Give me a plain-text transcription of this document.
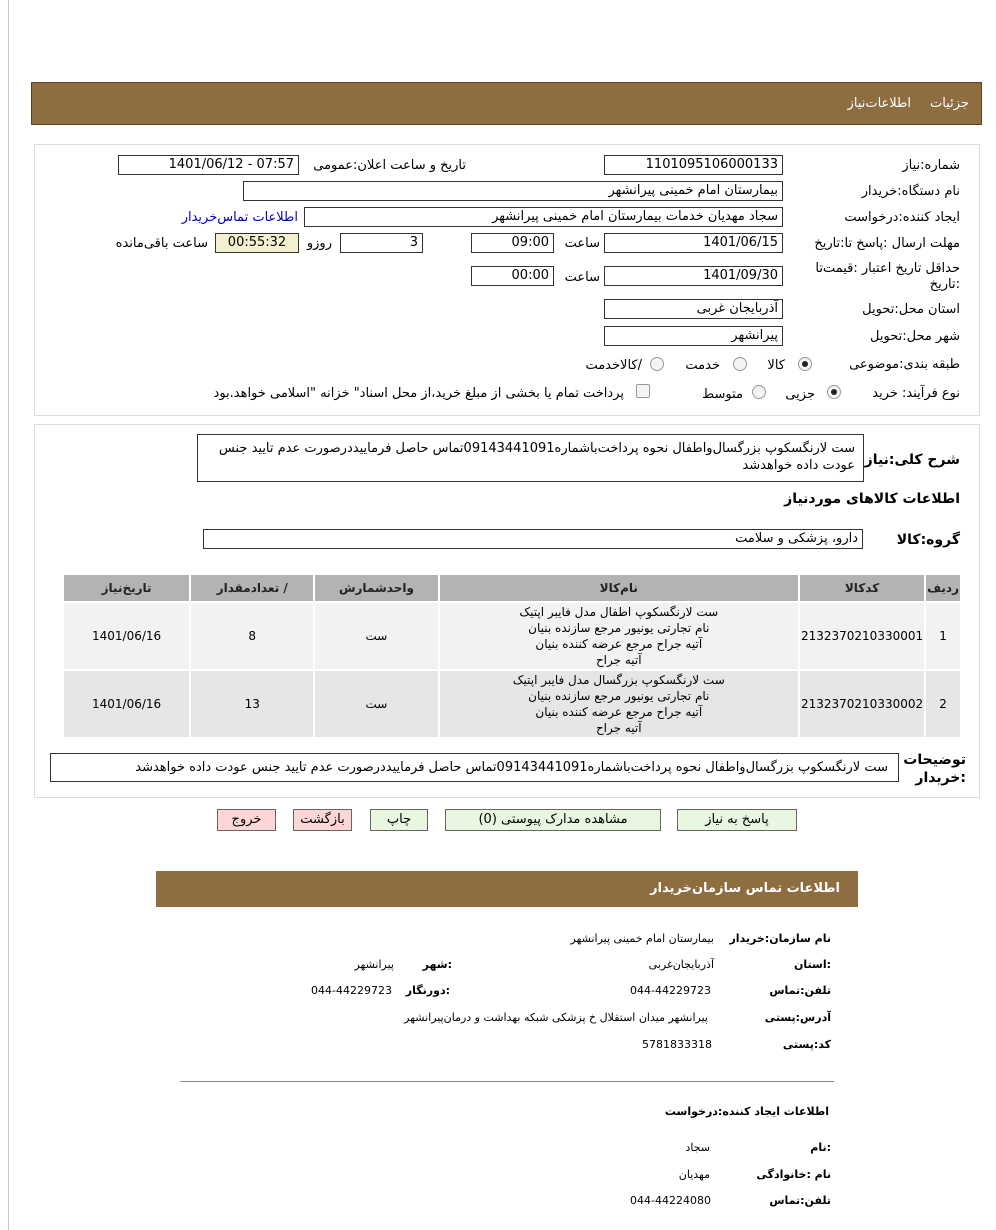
جزئیات
اطلاعات‌نیاز
شماره:نیاز
1101095106000133
تاریخ و ساعت اعلان:عمومی
1401/06/12 - 07:57
نام دستگاه:خریدار
بیمارستان امام خمینی پیرانشهر
ایجاد کننده:درخواست
سجاد مهدیان خدمات بیمارستان امام خمینی پیرانشهر
اطلاعات تماس‌خریدار
مهلت ارسال :پاسخ تا:تاریخ
1401/06/15
ساعت
09:00
3
روزو
00:55:32
ساعت باقی‌مانده
حداقل تاریخ اعتبار :قیمت‌تا
:تاریخ
1401/09/30
ساعت
00:00
استان محل:تحویل
آذربایجان غربی
شهر محل:تحویل
پیرانشهر
طبقه بندی:موضوعی
کالا
خدمت
/کالاخدمت
نوع فرآیند: خرید
جزیی
متوسط
پرداخت تمام یا بخشی از مبلغ خرید،از محل اسناد" خزانه "اسلامی خواهد.بود
شرح کلی:نیاز
ست لارنگسکوپ بزرگسال‌واطفال نحوه پرداخت‌باشماره09143441091تماس حاصل فرماییددرصورت عدم تایید جنس عودت داده خواهدشد
اطلاعات کالاهای موردنیاز
گروه:کالا
دارو، پزشکی و سلامت
ردیف	کدکالا	نام‌کالا	واحدشمارش	/ تعدادمقدار	تاریخ‌نیاز
1	2132370210330001	ست لارنگسکوپ اطفال مدل فایبر اپتیک
نام تجارتی یونیور مرجع سازنده بنیان
آتیه جراح مرجع عرضه کننده بنیان
آتیه جراح	ست	8	1401/06/16
2	2132370210330002	ست لارنگسکوپ بزرگسال مدل فایبر اپتیک
نام تجارتی یونیور مرجع سازنده بنیان
آتیه جراح مرجع عرضه کننده بنیان
آتیه جراح	ست	13	1401/06/16
توضیحات
:خریدار
ست لارنگسکوپ بزرگسال‌واطفال نحوه پرداخت‌باشماره09143441091تماس حاصل فرماییددرصورت عدم تایید جنس عودت داده خواهدشد
پاسخ به نیاز
مشاهده مدارک پیوستی (0)
چاپ
بازگشت
خروج
اطلاعات تماس سازمان‌خریدار
نام سازمان:خریدار
بیمارستان امام خمینی پیرانشهر
:استان
آذربایجان‌غربی
:شهر
پیرانشهر
تلفن:تماس
044-44229723
:دورنگار
044-44229723
آدرس:پستی
پیرانشهر میدان استقلال خ پزشکی شبکه بهداشت و درمان‌پیرانشهر
کد:پستی
5781833318
اطلاعات ایجاد کننده:درخواست
:نام
سجاد
نام :خانوادگی
مهدیان
تلفن:تماس
044-44224080
